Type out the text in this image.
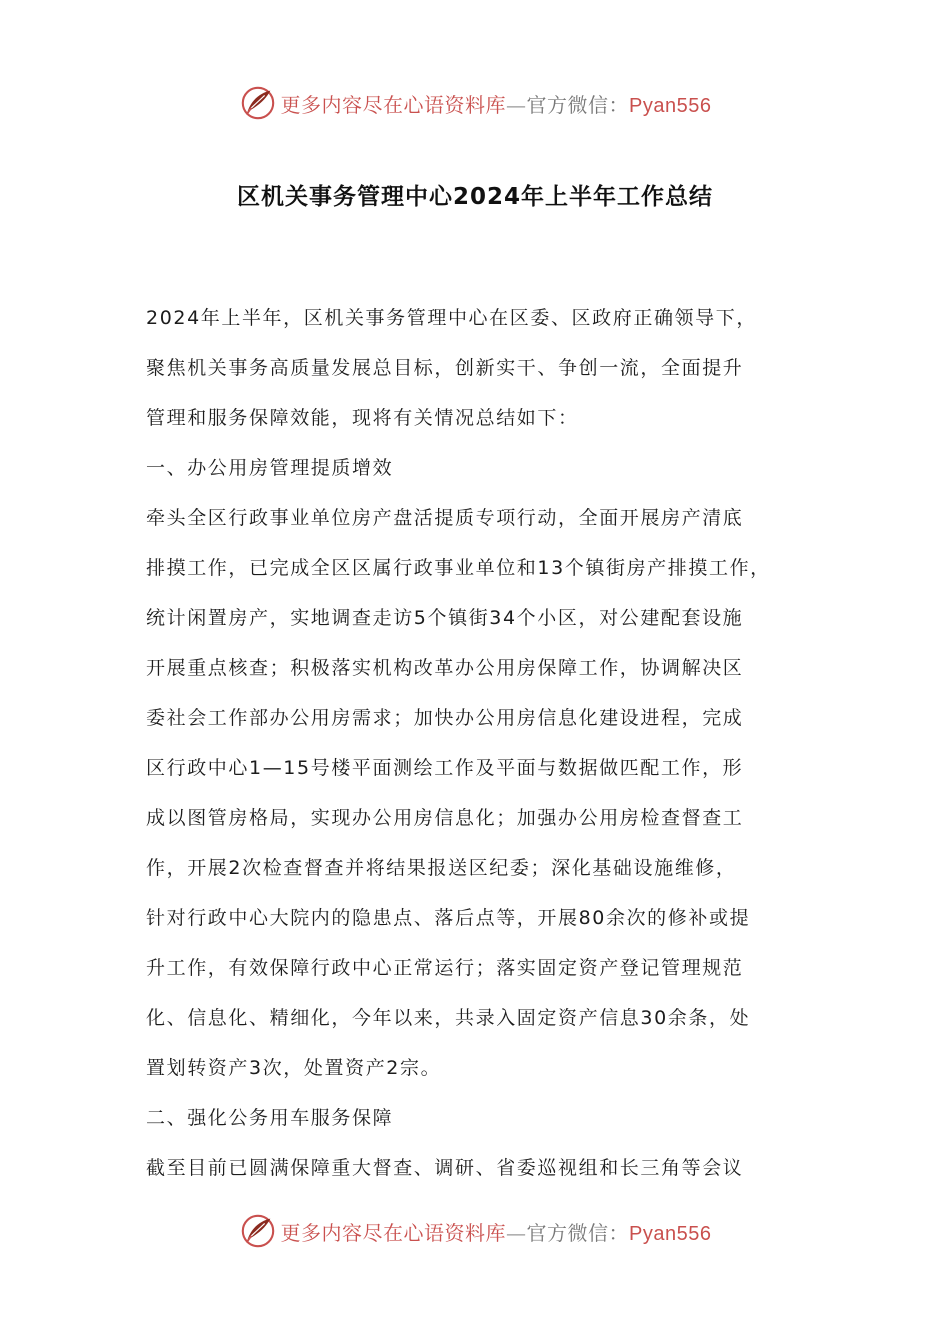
更多内容尽在心语资料库—官方微信：Pyan556
区机关事务管理中心2024年上半年工作总结
2024年上半年，区机关事务管理中心在区委、区政府正确领导下，
聚焦机关事务高质量发展总目标，创新实干、争创一流，全面提升
管理和服务保障效能，现将有关情况总结如下：
一、办公用房管理提质增效
牵头全区行政事业单位房产盘活提质专项行动，全面开展房产清底
排摸工作，已完成全区区属行政事业单位和13个镇街房产排摸工作，
统计闲置房产，实地调查走访5个镇街34个小区，对公建配套设施
开展重点核查；积极落实机构改革办公用房保障工作，协调解决区
委社会工作部办公用房需求；加快办公用房信息化建设进程，完成
区行政中心1—15号楼平面测绘工作及平面与数据做匹配工作，形
成以图管房格局，实现办公用房信息化；加强办公用房检查督查工
作，开展2次检查督查并将结果报送区纪委；深化基础设施维修，
针对行政中心大院内的隐患点、落后点等，开展80余次的修补或提
升工作，有效保障行政中心正常运行；落实固定资产登记管理规范
化、信息化、精细化，今年以来，共录入固定资产信息30余条，处
置划转资产3次，处置资产2宗。
二、强化公务用车服务保障
截至目前已圆满保障重大督查、调研、省委巡视组和长三角等会议
更多内容尽在心语资料库—官方微信：Pyan556
